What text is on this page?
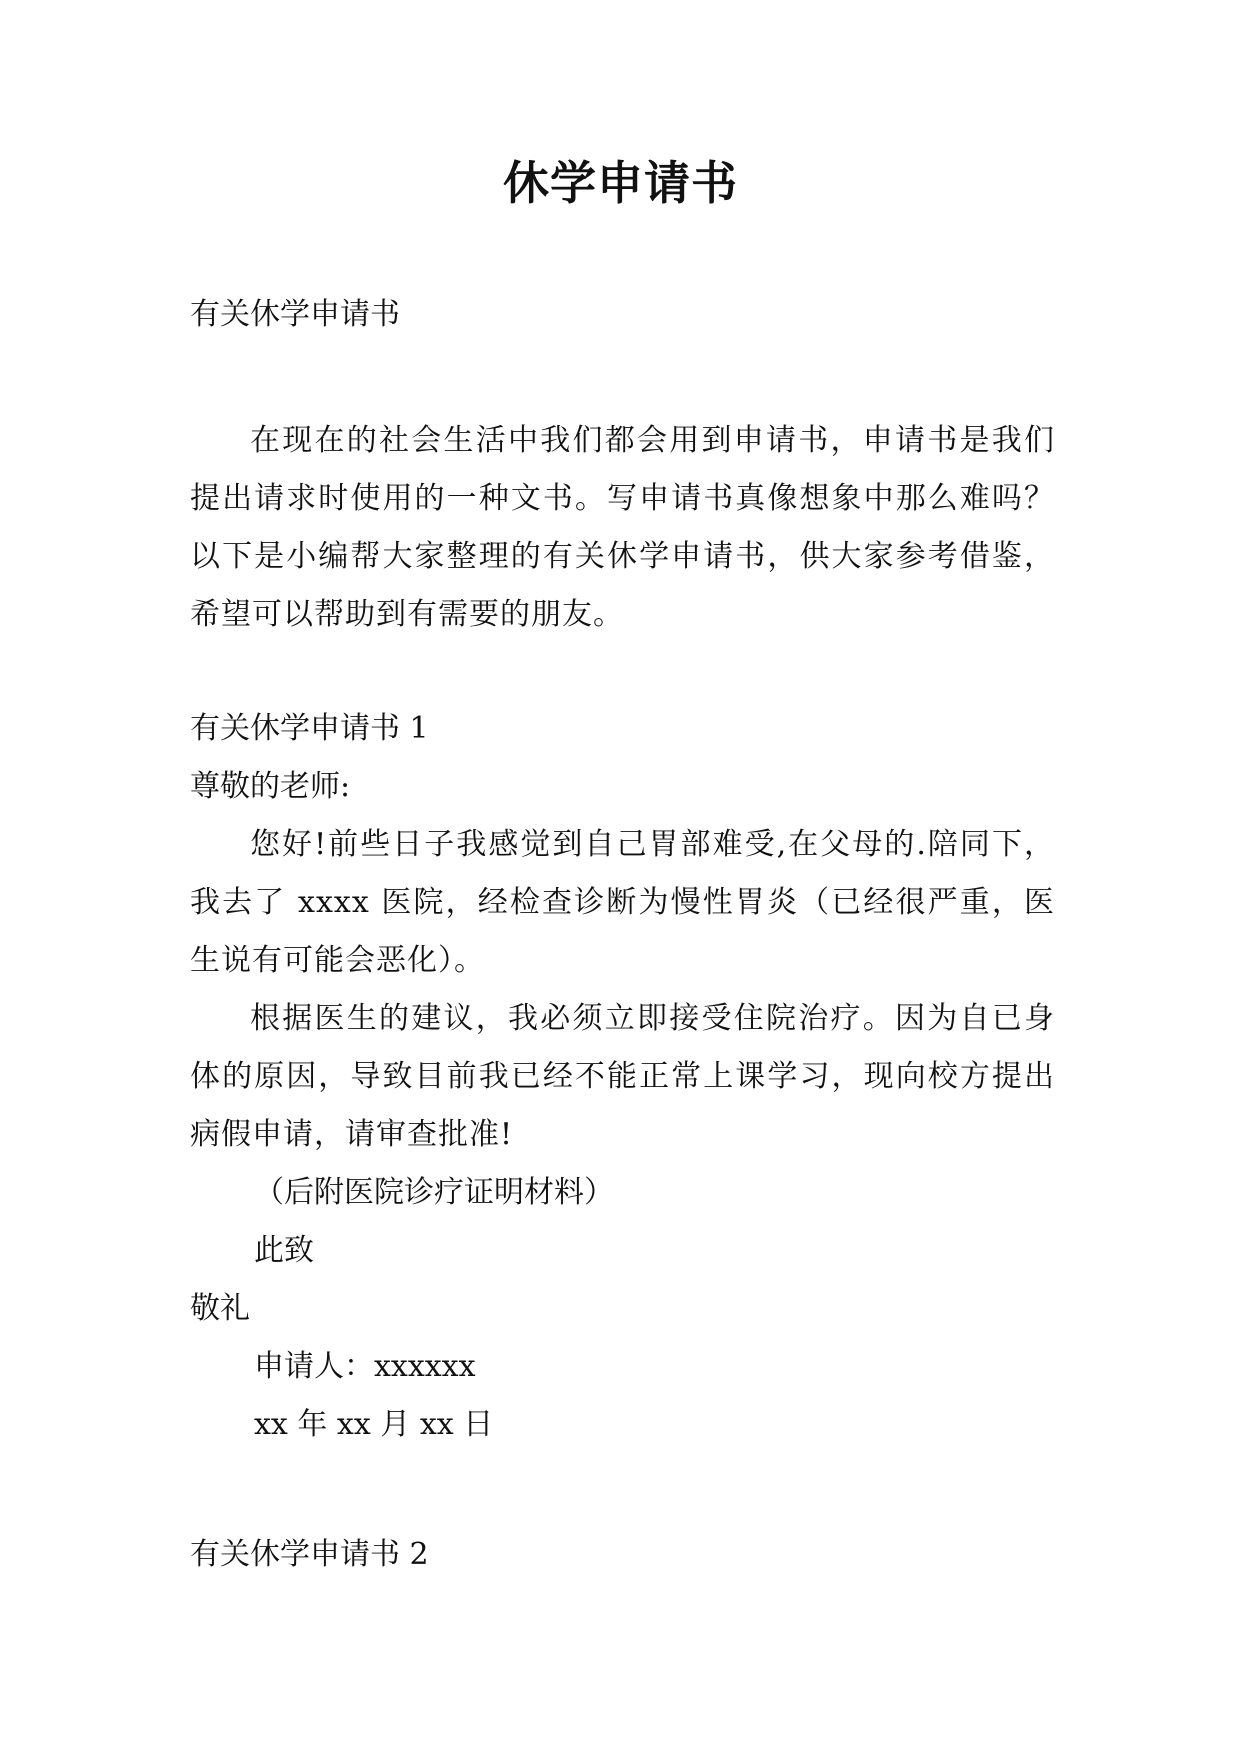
休学申请书
有关休学申请书
在现在的社会生活中我们都会用到申请书，申请书是我们提出请求时使用的一种文书。写申请书真像想象中那么难吗？以下是小编帮大家整理的有关休学申请书，供大家参考借鉴，希望可以帮助到有需要的朋友。
有关休学申请书 1
尊敬的老师:
您好!前些日子我感觉到自己胃部难受,在父母的.陪同下，我去了 xxxx 医院，经检查诊断为慢性胃炎（已经很严重，医生说有可能会恶化）。
根据医生的建议，我必须立即接受住院治疗。因为自已身体的原因，导致目前我已经不能正常上课学习，现向校方提出病假申请，请审查批准!
（后附医院诊疗证明材料）
此致
敬礼
申请人：xxxxxx
xx 年 xx 月 xx 日
有关休学申请书 2
